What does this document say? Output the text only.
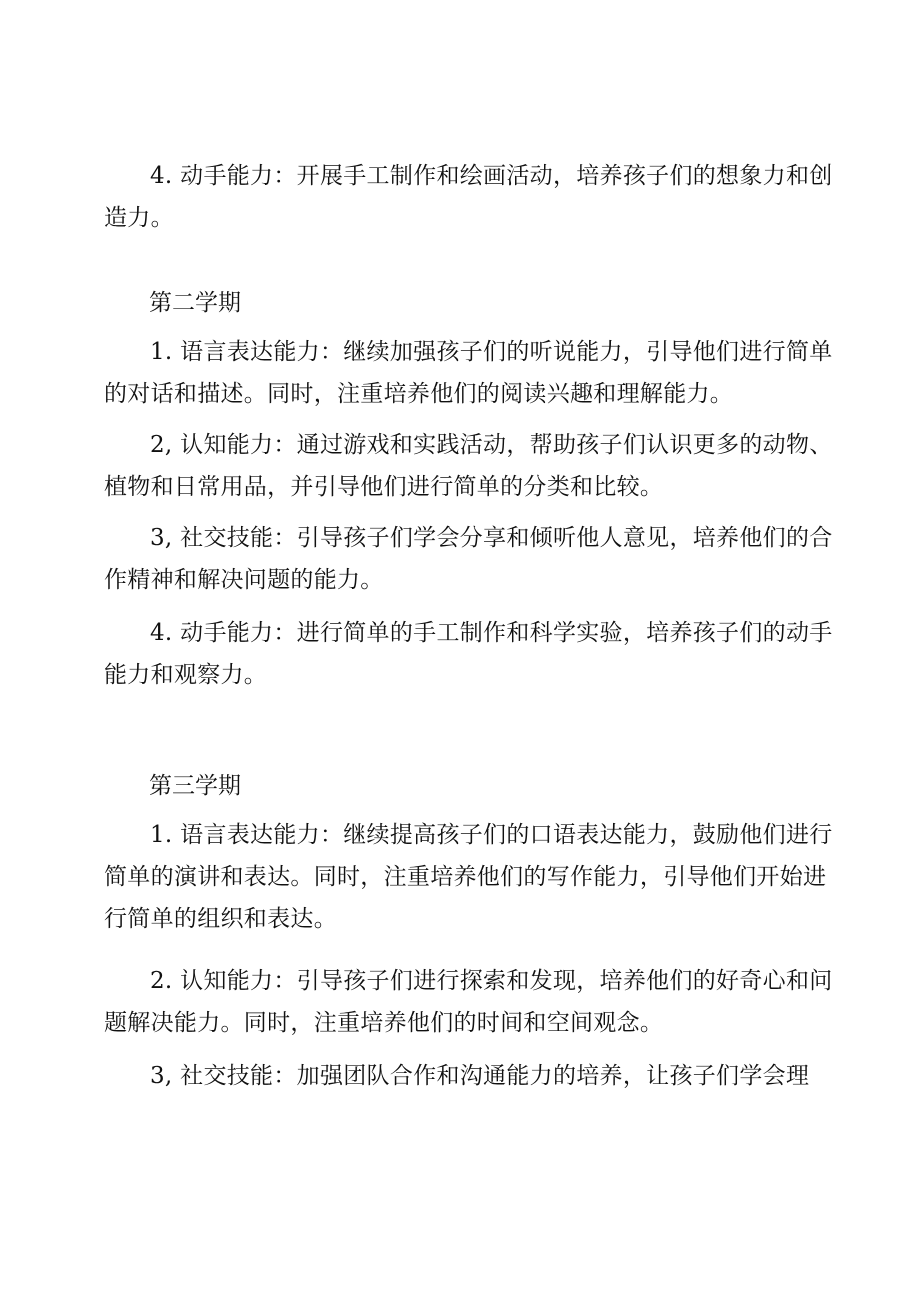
4. 动手能力：开展手工制作和绘画活动，培养孩子们的想象力和创
造力。

第二学期

1. 语言表达能力：继续加强孩子们的听说能力，引导他们进行简单
的对话和描述。同时，注重培养他们的阅读兴趣和理解能力。

2, 认知能力：通过游戏和实践活动，帮助孩子们认识更多的动物、
植物和日常用品，并引导他们进行简单的分类和比较。

3, 社交技能：引导孩子们学会分享和倾听他人意见，培养他们的合
作精神和解决问题的能力。

4. 动手能力：进行简单的手工制作和科学实验，培养孩子们的动手
能力和观察力。

第三学期

1. 语言表达能力：继续提高孩子们的口语表达能力，鼓励他们进行
简单的演讲和表达。同时，注重培养他们的写作能力，引导他们开始进
行简单的组织和表达。

2. 认知能力：引导孩子们进行探索和发现，培养他们的好奇心和问
题解决能力。同时，注重培养他们的时间和空间观念。

3, 社交技能：加强团队合作和沟通能力的培养，让孩子们学会理
